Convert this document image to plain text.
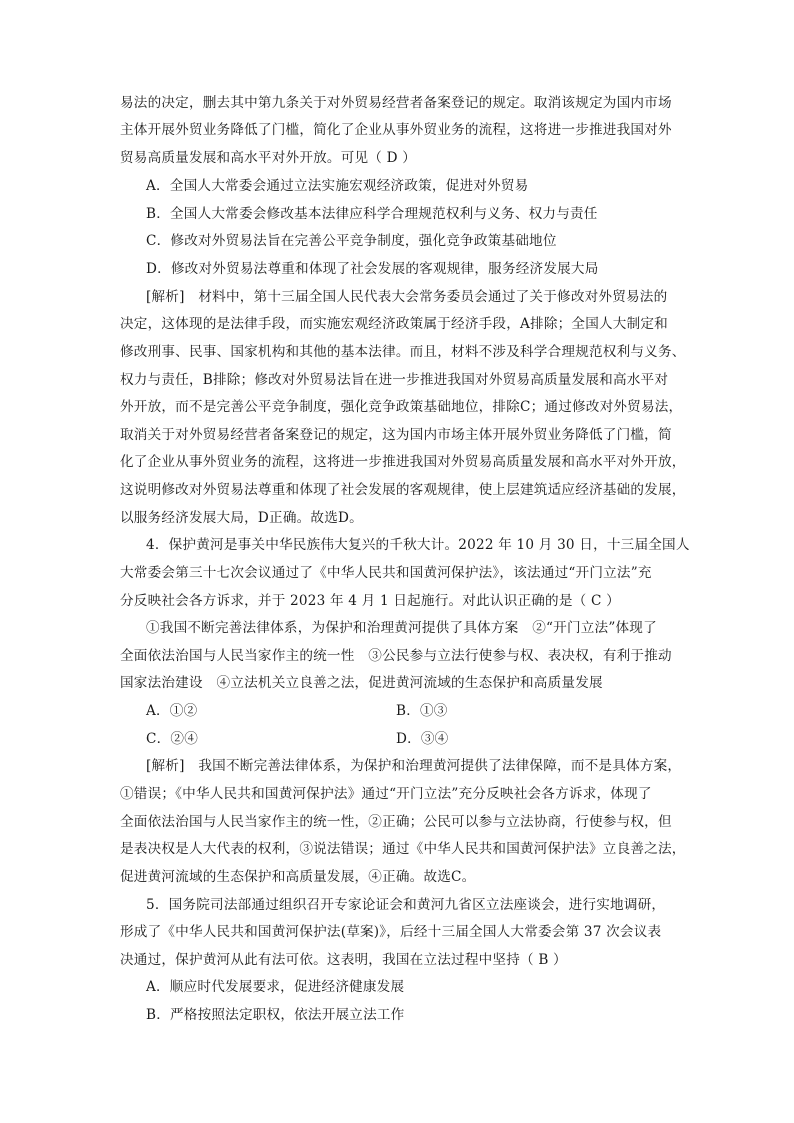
易法的决定，删去其中第九条关于对外贸易经营者备案登记的规定。取消该规定为国内市场
主体开展外贸业务降低了门槛，简化了企业从事外贸业务的流程，这将进一步推进我国对外
贸易高质量发展和高水平对外开放。可见（ D ）
A．全国人大常委会通过立法实施宏观经济政策，促进对外贸易
B．全国人大常委会修改基本法律应科学合理规范权利与义务、权力与责任
C．修改对外贸易法旨在完善公平竞争制度，强化竞争政策基础地位
D．修改对外贸易法尊重和体现了社会发展的客观规律，服务经济发展大局
[解析]　材料中，第十三届全国人民代表大会常务委员会通过了关于修改对外贸易法的
决定，这体现的是法律手段，而实施宏观经济政策属于经济手段，A排除；全国人大制定和
修改刑事、民事、国家机构和其他的基本法律。而且，材料不涉及科学合理规范权利与义务、
权力与责任，B排除；修改对外贸易法旨在进一步推进我国对外贸易高质量发展和高水平对
外开放，而不是完善公平竞争制度，强化竞争政策基础地位，排除C；通过修改对外贸易法，
取消关于对外贸易经营者备案登记的规定，这为国内市场主体开展外贸业务降低了门槛，简
化了企业从事外贸业务的流程，这将进一步推进我国对外贸易高质量发展和高水平对外开放，
这说明修改对外贸易法尊重和体现了社会发展的客观规律，使上层建筑适应经济基础的发展，
以服务经济发展大局，D正确。故选D。
4．保护黄河是事关中华民族伟大复兴的千秋大计。2022 年 10 月 30 日，十三届全国人
大常委会第三十七次会议通过了《中华人民共和国黄河保护法》，该法通过“开门立法”充
分反映社会各方诉求，并于 2023 年 4 月 1 日起施行。对此认识正确的是（ C ）
①我国不断完善法律体系，为保护和治理黄河提供了具体方案　②“开门立法”体现了
全面依法治国与人民当家作主的统一性　③公民参与立法行使参与权、表决权，有利于推动
国家法治建设　④立法机关立良善之法，促进黄河流域的生态保护和高质量发展
A．①②	B．①③
C．②④	D．③④
[解析]　我国不断完善法律体系，为保护和治理黄河提供了法律保障，而不是具体方案，
①错误；《中华人民共和国黄河保护法》通过“开门立法”充分反映社会各方诉求，体现了
全面依法治国与人民当家作主的统一性，②正确；公民可以参与立法协商，行使参与权，但
是表决权是人大代表的权利，③说法错误；通过《中华人民共和国黄河保护法》立良善之法，
促进黄河流域的生态保护和高质量发展，④正确。故选C。
5．国务院司法部通过组织召开专家论证会和黄河九省区立法座谈会，进行实地调研，
形成了《中华人民共和国黄河保护法(草案)》，后经十三届全国人大常委会第 37 次会议表
决通过，保护黄河从此有法可依。这表明，我国在立法过程中坚持（ B ）
A．顺应时代发展要求，促进经济健康发展
B．严格按照法定职权，依法开展立法工作
